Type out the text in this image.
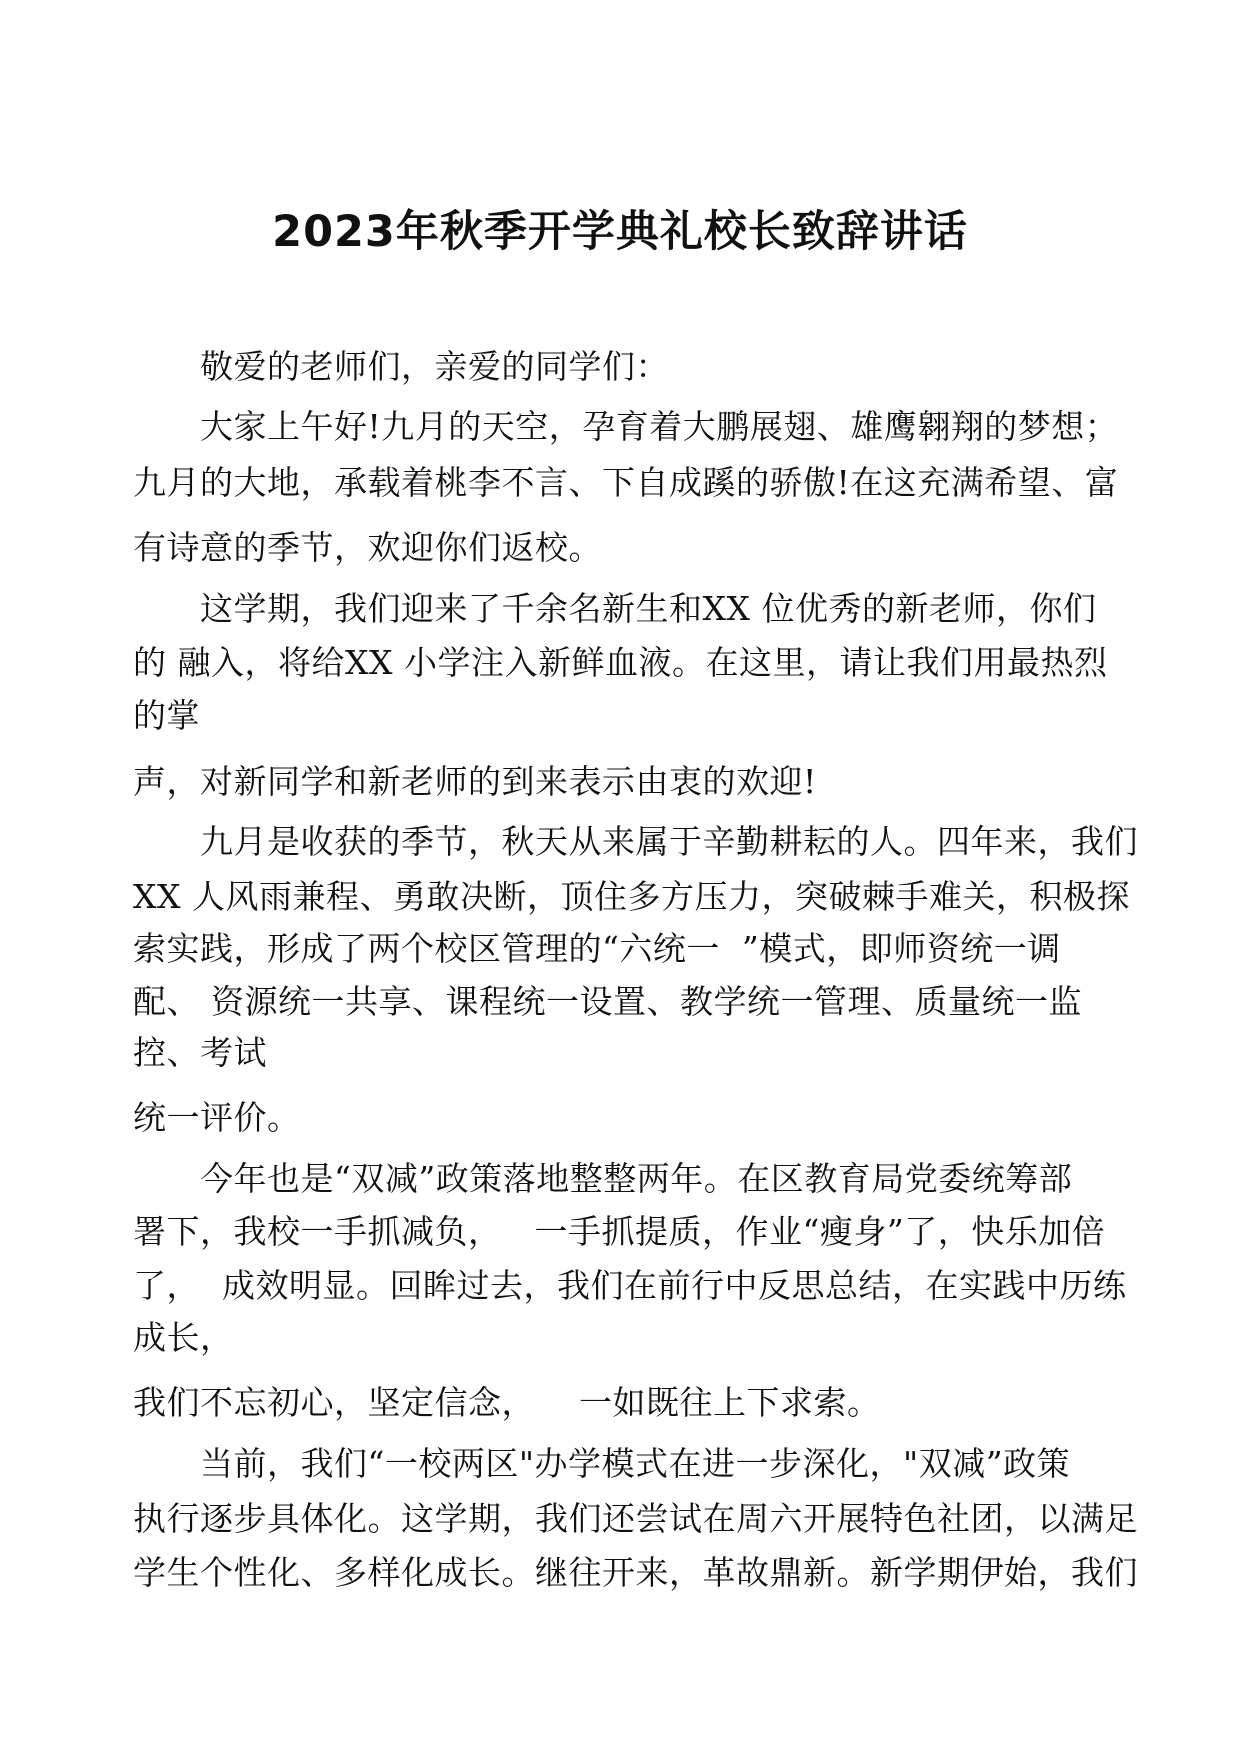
2023年秋季开学典礼校长致辞讲话
敬爱的老师们，亲爱的同学们：
大家上午好!九月的天空，孕育着大鹏展翅、雄鹰翱翔的梦想；
九月的大地，承载着桃李不言、下自成蹊的骄傲!在这充满希望、富
有诗意的季节，欢迎你们返校。
这学期，我们迎来了千余名新生和XX 位优秀的新老师，你们
的 融入，将给XX 小学注入新鲜血液。在这里，请让我们用最热烈
的掌
声，对新同学和新老师的到来表示由衷的欢迎!
九月是收获的季节，秋天从来属于辛勤耕耘的人。四年来，我们
XX 人风雨兼程、勇敢决断，顶住多方压力，突破棘手难关，积极探
索实践，形成了两个校区管理的“六统一  ”模式，即师资统一调
配、 资源统一共享、课程统一设置、教学统一管理、质量统一监
控、考试
统一评价。
今年也是“双减”政策落地整整两年。在区教育局党委统筹部
署下，我校一手抓减负，   一手抓提质，作业“瘦身”了，快乐加倍
了，  成效明显。回眸过去，我们在前行中反思总结，在实践中历练
成长，
我们不忘初心，坚定信念，    一如既往上下求索。
当前，我们“一校两区"办学模式在进一步深化，"双减”政策
执行逐步具体化。这学期，我们还尝试在周六开展特色社团，以满足
学生个性化、多样化成长。继往开来，革故鼎新。新学期伊始，我们
